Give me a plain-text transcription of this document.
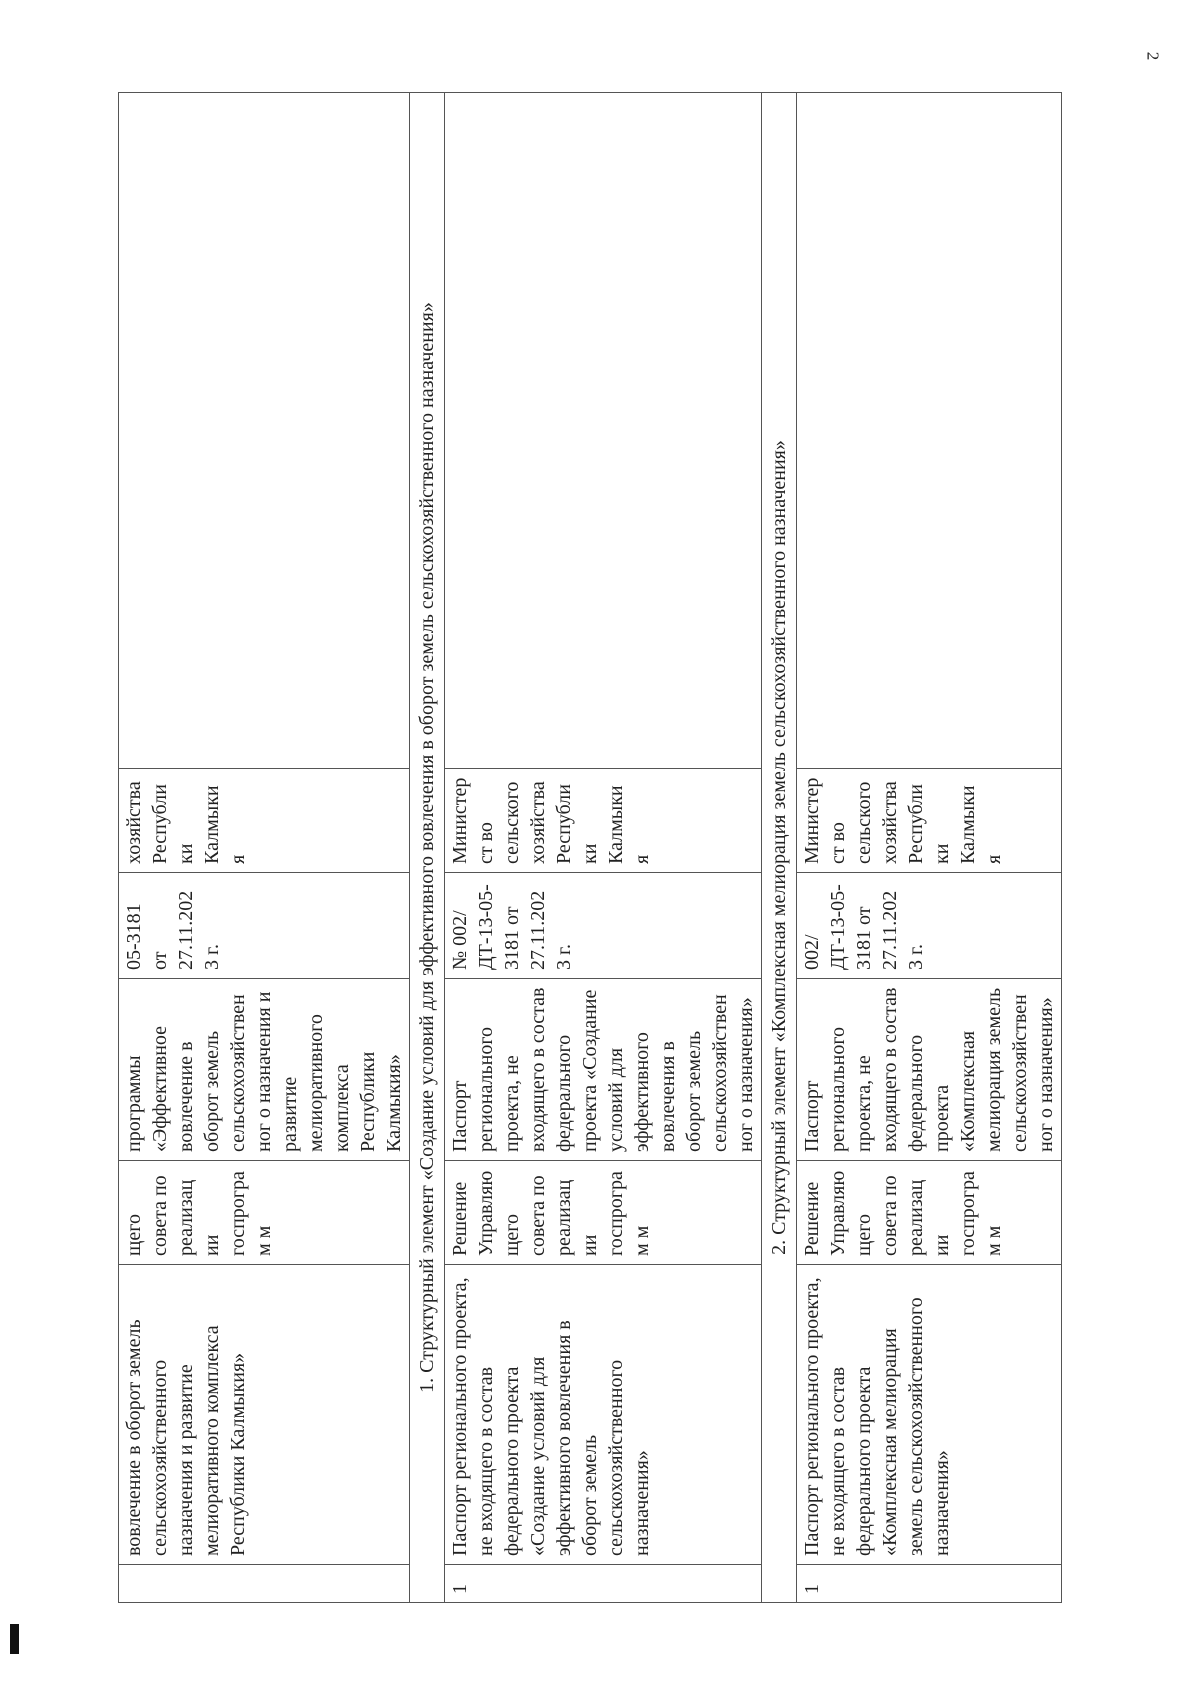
2
	вовлечение в оборот земель сельскохозяйственного назначения и развитие мелиоративного комплекса Республики Калмыкия»	щего совета по реализации госпрограм м	программы «Эффективное вовлечение в оборот земель сельскохозяйственног о назначения и развитие мелиоративного комплекса Республики Калмыкия»	05-3181 от 27.11.2023 г.	хозяйства Республики Калмыкия	
1. Структурный элемент «Создание условий для эффективного вовлечения в оборот земель сельскохозяйственного назначения»						
1	Паспорт регионального проекта, не входящего в состав федерального проекта «Создание условий для эффективного вовлечения в оборот земель сельскохозяйственного назначения»	Решение Управляю щего совета по реализации госпрограм м	Паспорт регионального проекта, не входящего в состав федерального проекта «Создание условий для эффективного вовлечения в оборот земель сельскохозяйственног о назначения»	№ 002/ДТ-13-05-3181 от 27.11.2023 г.	Министерст во сельского хозяйства Республики Калмыкия	
2. Структурный элемент «Комплексная мелиорация земель сельскохозяйственного назначения»						
1	Паспорт регионального проекта, не входящего в состав федерального проекта «Комплексная мелиорация земель сельскохозяйственного назначения»	Решение Управляю щего совета по реализации госпрограм м	Паспорт регионального проекта, не входящего в состав федерального проекта «Комплексная мелиорация земель сельскохозяйственног о назначения»	002/ДТ-13-05-3181 от 27.11.2023 г.	Министерст во сельского хозяйства Республики Калмыкия	
